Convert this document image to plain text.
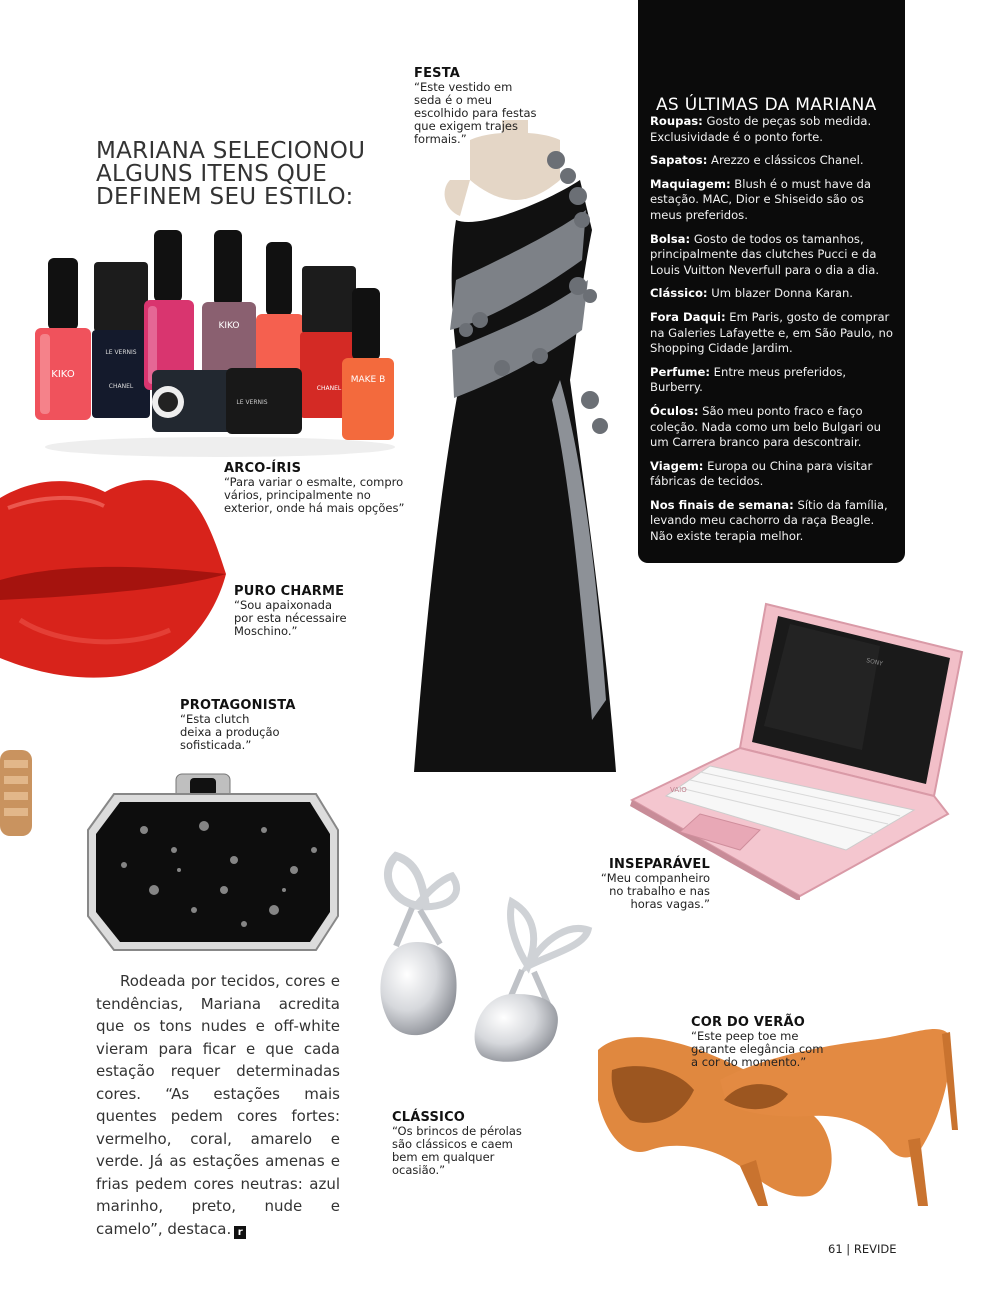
MARIANA SELECIONOU
ALGUNS ITENS QUE
DEFINEM SEU ESTILO:
AS ÚLTIMAS DA MARIANA
Roupas: Gosto de peças sob medida. Exclusividade é o ponto forte.
Sapatos: Arezzo e clássicos Chanel.
Maquiagem: Blush é o must have da estação. MAC, Dior e Shiseido são os meus preferidos.
Bolsa: Gosto de todos os tamanhos, principalmente das clutches Pucci e da Louis Vuitton Neverfull para o dia a dia.
Clássico: Um blazer Donna Karan.
Fora Daqui: Em Paris, gosto de comprar na Galeries Lafayette e, em São Paulo, no Shopping Cidade Jardim.
Perfume: Entre meus preferidos, Burberry.
Óculos: São meu ponto fraco e faço coleção. Nada como um belo Bulgari ou um Carrera branco para descontrair.
Viagem: Europa ou China para visitar fábricas de tecidos.
Nos finais de semana: Sítio da família, levando meu cachorro da raça Beagle. Não existe terapia melhor.
KIKO
LE VERNIS
CHANEL
KIKO
CHANEL
MAKE B
LE VERNIS
SONY
VAIO
FESTA
“Este vestido em
seda é o meu
escolhido para festas
que exigem trajes
formais.”
ARCO-ÍRIS
“Para variar o esmalte, compro
vários, principalmente no
exterior, onde há mais opções”
PURO CHARME
“Sou apaixonada
por esta nécessaire
Moschino.”
PROTAGONISTA
“Esta clutch
deixa a produção
sofisticada.”
INSEPARÁVEL
“Meu companheiro
no trabalho e nas
horas vagas.”
CLÁSSICO
“Os brincos de pérolas
são clássicos e caem
bem em qualquer
ocasião.”
COR DO VERÃO
“Este peep toe me
garante elegância com
a cor do momento.”
Rodeada por tecidos, cores e tendências, Mariana acredita que os tons nudes e off-white vieram para ficar e que cada estação requer determinadas cores. “As estações mais quentes pedem cores fortes: vermelho, coral, amarelo e verde. Já as estações amenas e frias pedem cores neutras: azul marinho, preto, nude e camelo”, destaca. r
61 | REVIDE
